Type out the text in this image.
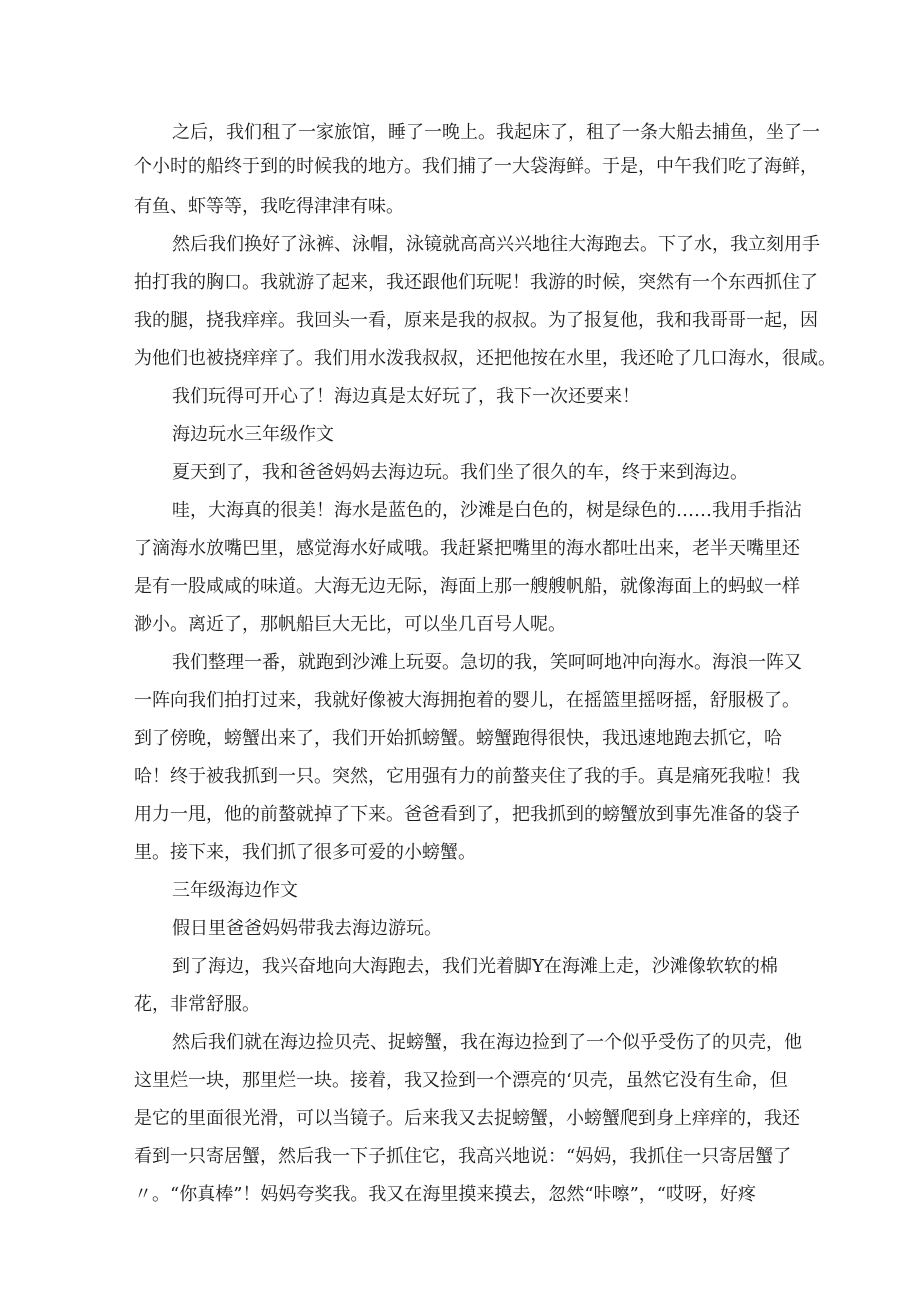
之后，我们租了一家旅馆，睡了一晚上。我起床了，租了一条大船去捕鱼，坐了一
个小时的船终于到的时候我的地方。我们捕了一大袋海鲜。于是，中午我们吃了海鲜，
有鱼、虾等等，我吃得津津有味。
然后我们换好了泳裤、泳帽，泳镜就高高兴兴地往大海跑去。下了水，我立刻用手
拍打我的胸口。我就游了起来，我还跟他们玩呢！我游的时候，突然有一个东西抓住了
我的腿，挠我痒痒。我回头一看，原来是我的叔叔。为了报复他，我和我哥哥一起，因
为他们也被挠痒痒了。我们用水泼我叔叔，还把他按在水里，我还呛了几口海水，很咸。
我们玩得可开心了！海边真是太好玩了，我下一次还要来！
海边玩水三年级作文
夏天到了，我和爸爸妈妈去海边玩。我们坐了很久的车，终于来到海边。
哇，大海真的很美！海水是蓝色的，沙滩是白色的，树是绿色的……我用手指沾
了滴海水放嘴巴里，感觉海水好咸哦。我赶紧把嘴里的海水都吐出来，老半天嘴里还
是有一股咸咸的味道。大海无边无际，海面上那一艘艘帆船，就像海面上的蚂蚁一样
渺小。离近了，那帆船巨大无比，可以坐几百号人呢。
我们整理一番，就跑到沙滩上玩耍。急切的我，笑呵呵地冲向海水。海浪一阵又
一阵向我们拍打过来，我就好像被大海拥抱着的婴儿，在摇篮里摇呀摇，舒服极了。
到了傍晚，螃蟹出来了，我们开始抓螃蟹。螃蟹跑得很快，我迅速地跑去抓它，哈
哈！终于被我抓到一只。突然，它用强有力的前螯夹住了我的手。真是痛死我啦！我
用力一甩，他的前螯就掉了下来。爸爸看到了，把我抓到的螃蟹放到事先准备的袋子
里。接下来，我们抓了很多可爱的小螃蟹。
三年级海边作文
假日里爸爸妈妈带我去海边游玩。
到了海边，我兴奋地向大海跑去，我们光着脚Y在海滩上走，沙滩像软软的棉
花，非常舒服。
然后我们就在海边捡贝壳、捉螃蟹，我在海边捡到了一个似乎受伤了的贝壳，他
这里烂一块，那里烂一块。接着，我又捡到一个漂亮的‘贝壳，虽然它没有生命，但
是它的里面很光滑，可以当镜子。后来我又去捉螃蟹，小螃蟹爬到身上痒痒的，我还
看到一只寄居蟹，然后我一下子抓住它，我高兴地说：“妈妈，我抓住一只寄居蟹了
〃。“你真棒”！妈妈夸奖我。我又在海里摸来摸去，忽然“咔嚓”，“哎呀，好疼
